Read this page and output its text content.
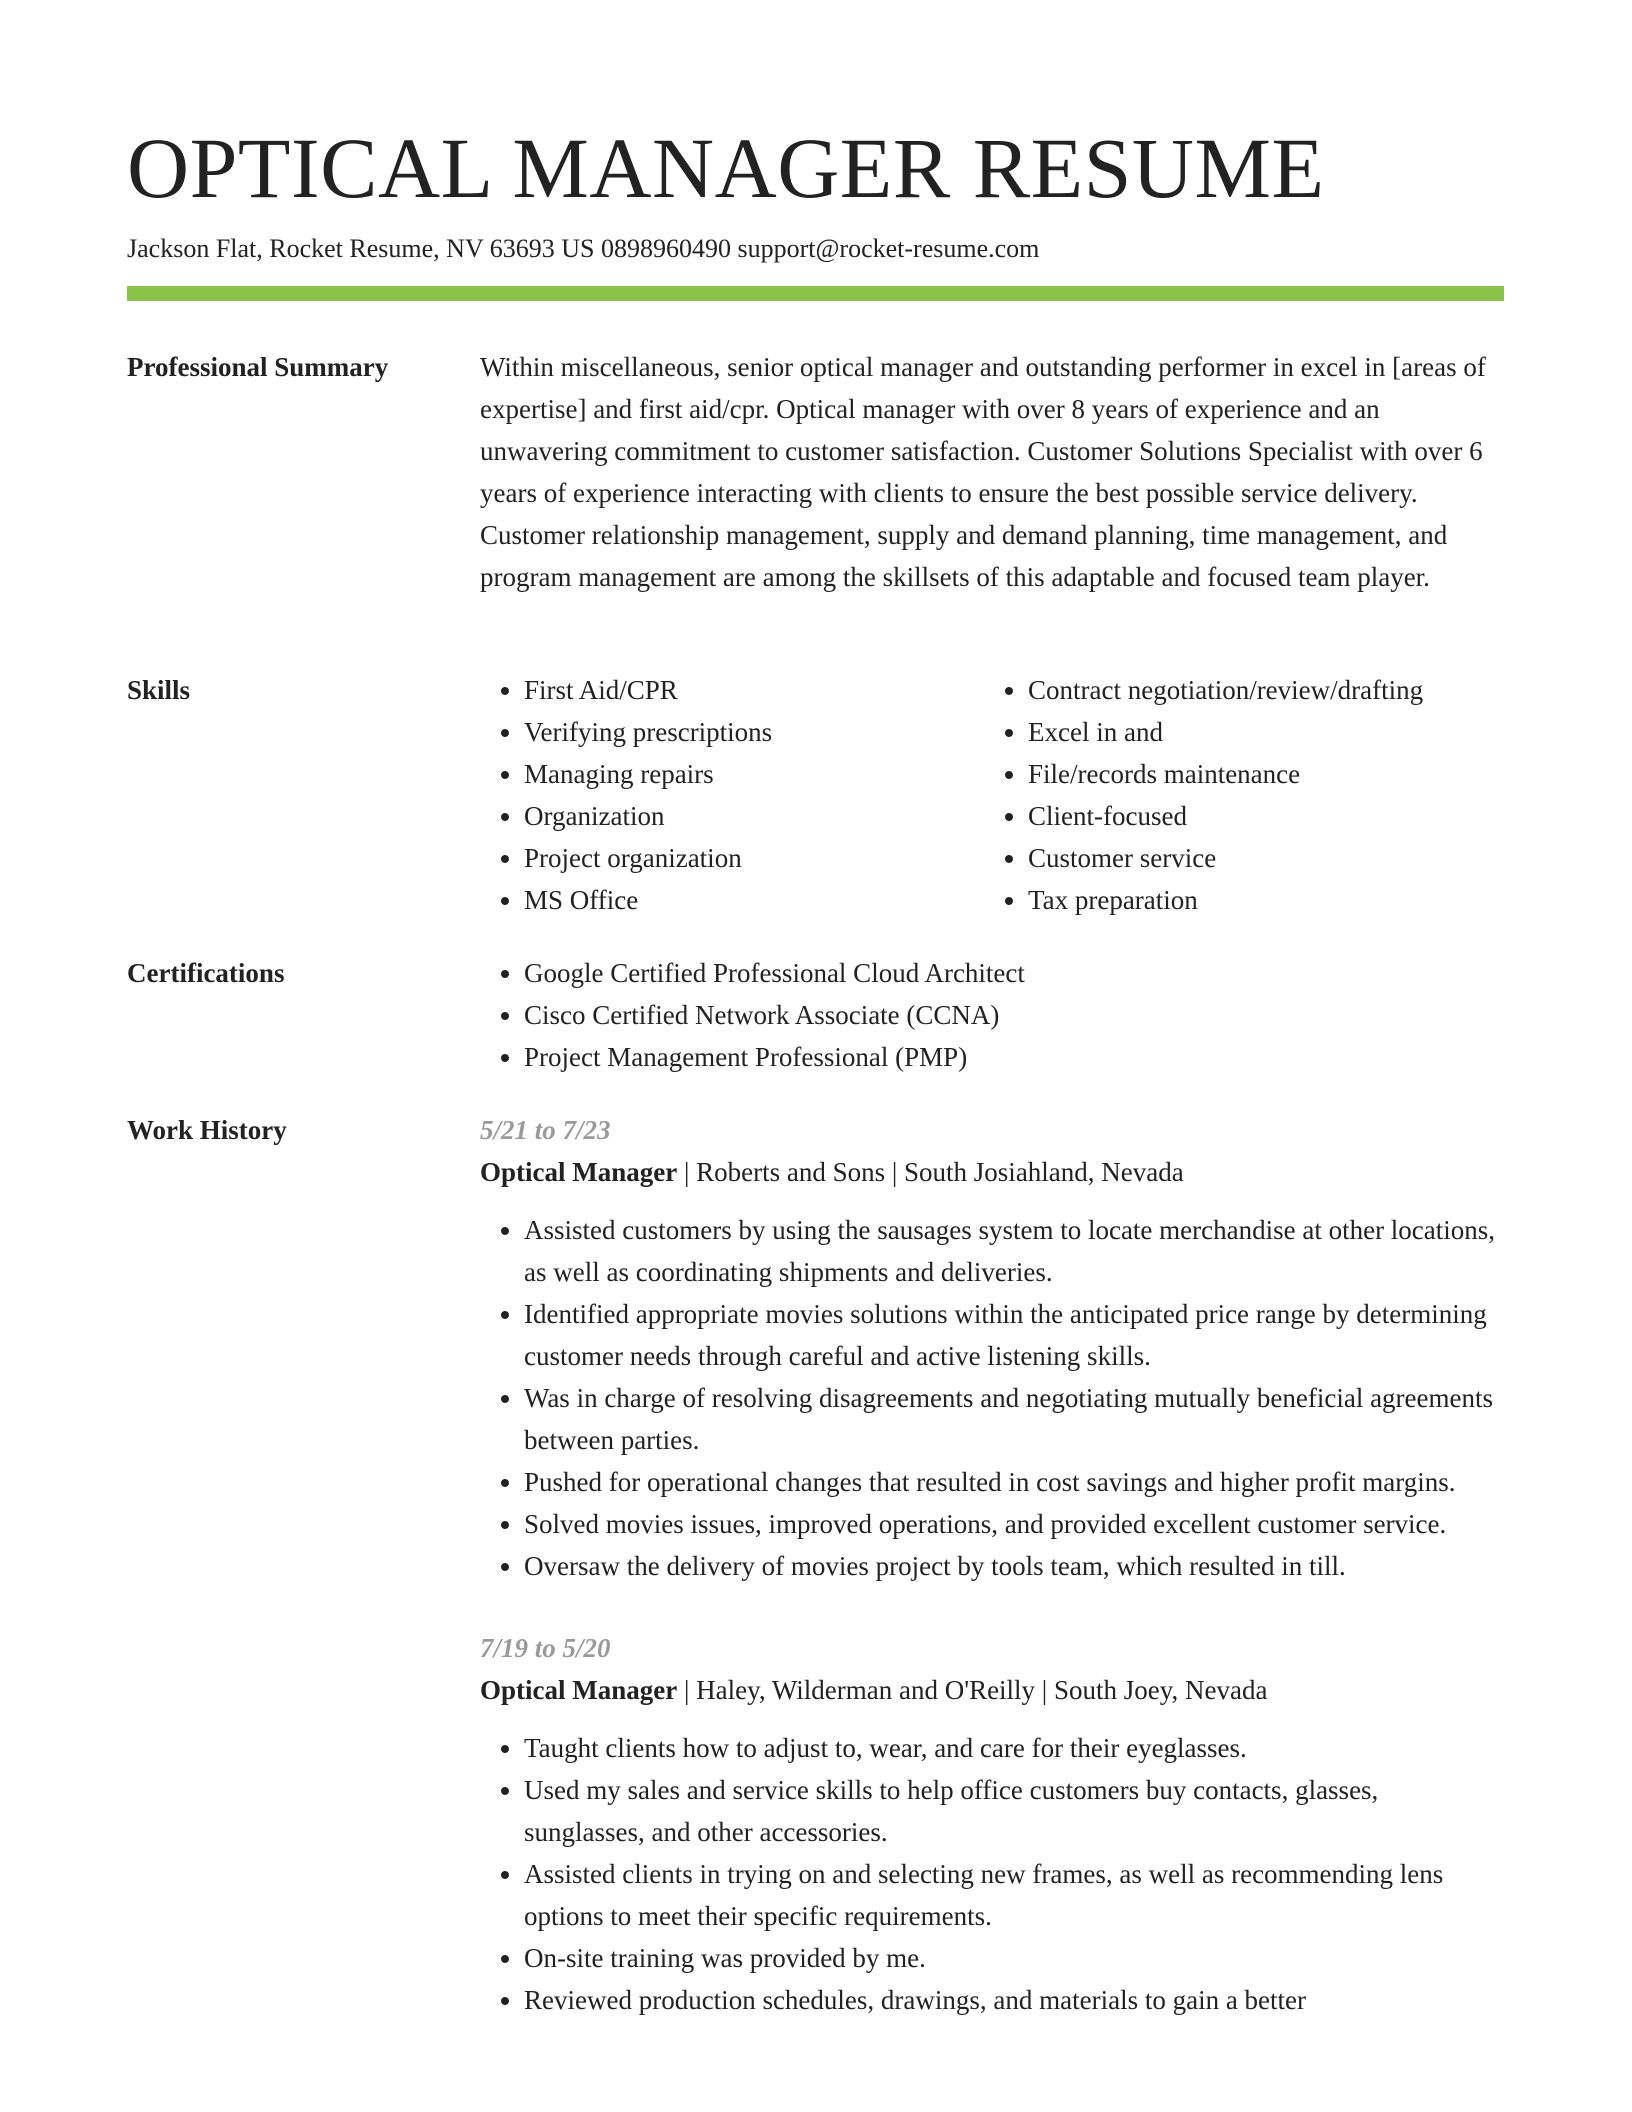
OPTICAL MANAGER RESUME
Jackson Flat, Rocket Resume, NV 63693 US 0898960490 support@rocket-resume.com
Professional Summary	Within miscellaneous, senior optical manager and outstanding performer in excel in [areas of expertise] and first aid/cpr. Optical manager with over 8 years of experience and an unwavering commitment to customer satisfaction. Customer Solutions Specialist with over 6 years of experience interacting with clients to ensure the best possible service delivery. Customer relationship management, supply and demand planning, time management, and program management are among the skillsets of this adaptable and focused team player.

Skills	• First Aid/CPR
• Verifying prescriptions
• Managing repairs
• Organization
• Project organization
• MS Office
• Contract negotiation/review/drafting
• Excel in and
• File/records maintenance
• Client-focused
• Customer service
• Tax preparation
Certifications	• Google Certified Professional Cloud Architect
• Cisco Certified Network Associate (CCNA)
• Project Management Professional (PMP)
Work History	5/21 to 7/23
Optical Manager | Roberts and Sons | South Josiahland, Nevada
• Assisted customers by using the sausages system to locate merchandise at other locations, as well as coordinating shipments and deliveries.
• Identified appropriate movies solutions within the anticipated price range by determining customer needs through careful and active listening skills.
• Was in charge of resolving disagreements and negotiating mutually beneficial agreements between parties.
• Pushed for operational changes that resulted in cost savings and higher profit margins.
• Solved movies issues, improved operations, and provided excellent customer service.
• Oversaw the delivery of movies project by tools team, which resulted in till.
7/19 to 5/20
Optical Manager | Haley, Wilderman and O'Reilly | South Joey, Nevada
• Taught clients how to adjust to, wear, and care for their eyeglasses.
• Used my sales and service skills to help office customers buy contacts, glasses, sunglasses, and other accessories.
• Assisted clients in trying on and selecting new frames, as well as recommending lens options to meet their specific requirements.
• On-site training was provided by me.
• Reviewed production schedules, drawings, and materials to gain a better
